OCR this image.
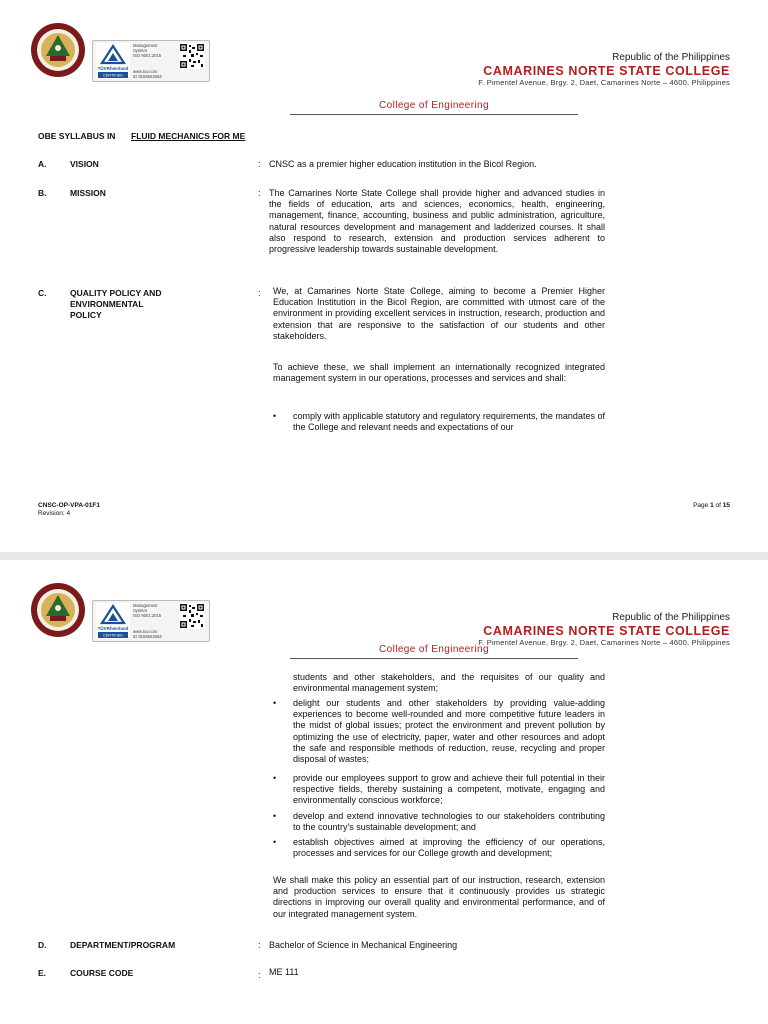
TÜVRheinland
CERTIFIED
Management
System
ISO 9001:2015
www.tuv.com
ID 9108652653
Republic of the Philippines
CAMARINES NORTE STATE COLLEGE
F. Pimentel Avenue, Brgy. 2, Daet, Camarines Norte – 4600, Philippines
College of Engineering
OBE SYLLABUS IN FLUID MECHANICS FOR ME
A.	VISION	: CNSC as a premier higher education institution in the Bicol Region.
B.	MISSION	: The Camarines Norte State College shall provide higher and advanced studies in the fields of education, arts and sciences, economics, health, engineering, management, finance, accounting, business and public administration, agriculture, natural resources development and management and ladderized courses. It shall also respond to research, extension and production services adherent to progressive leadership towards sustainable development.
C.	QUALITY POLICY AND
ENVIRONMENTAL
POLICY
: We, at Camarines Norte State College, aiming to become a Premier Higher Education Institution in the Bicol Region, are committed with utmost care of the environment in providing excellent services in instruction, research, production and extension that are responsive to the satisfaction of our students and other stakeholders.
To achieve these, we shall implement an internationally recognized integrated management system in our operations, processes and services and shall:
• comply with applicable statutory and regulatory requirements, the mandates of the College and relevant needs and expectations of our
CNSC-OP-VPA-01F1
Revision: 4
Page 1 of 15
TÜVRheinland
CERTIFIED
Management
System
ISO 9001:2015
www.tuv.com
ID 9108652653
Republic of the Philippines
CAMARINES NORTE STATE COLLEGE
F. Pimentel Avenue, Brgy. 2, Daet, Camarines Norte – 4600, Philippines
College of Engineering
students and other stakeholders, and the requisites of our quality and environmental management system;
• delight our students and other stakeholders by providing value-adding experiences to become well-rounded and more competitive future leaders in the midst of global issues; protect the environment and prevent pollution by optimizing the use of electricity, paper, water and other resources and adopt the safe and responsible methods of reduction, reuse, recycling and proper disposal of wastes;
• provide our employees support to grow and achieve their full potential in their respective fields, thereby sustaining a competent, motivate, engaging and environmentally conscious workforce;
• develop and extend innovative technologies to our stakeholders contributing to the country's sustainable development; and
• establish objectives aimed at improving the efficiency of our operations, processes and services for our College growth and development;
We shall make this policy an essential part of our instruction, research, extension and production services to ensure that it continuously provides us strategic directions in improving our overall quality and environmental performance, and of our integrated management system.
D.	DEPARTMENT/PROGRAM	: Bachelor of Science in Mechanical Engineering
E.	COURSE CODE	: ME 111
